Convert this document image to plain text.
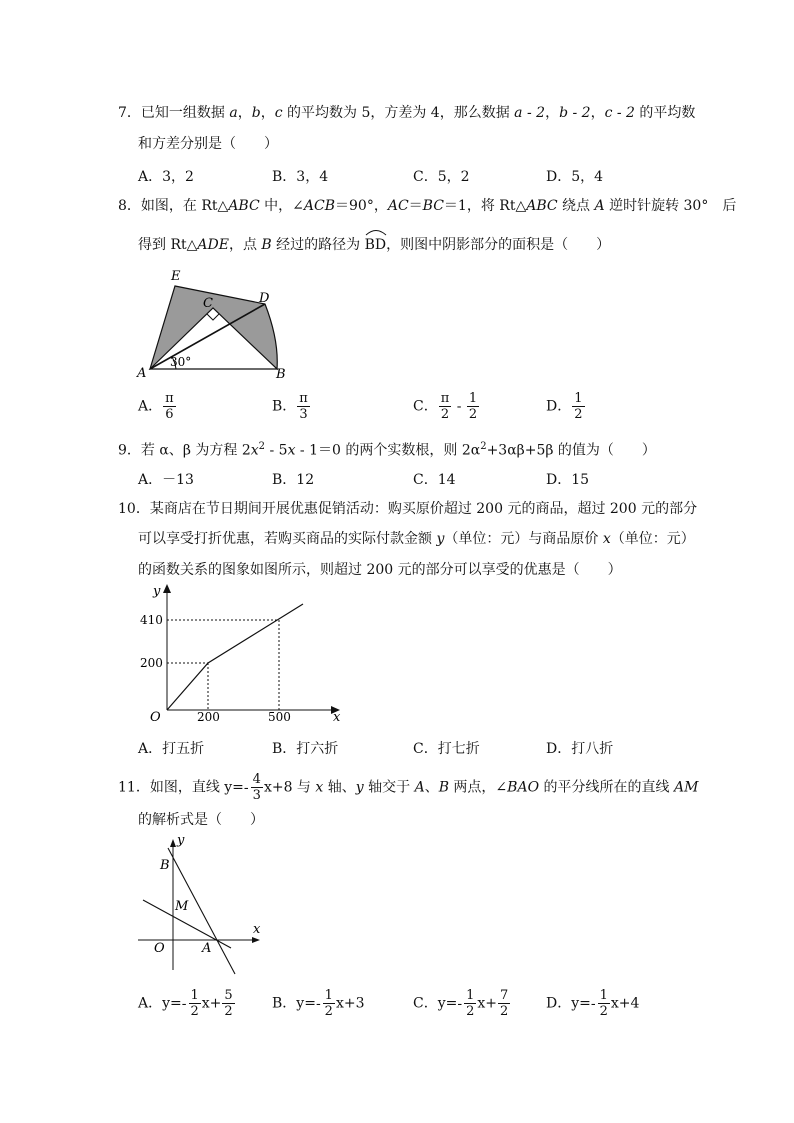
7．已知一组数据 a，b，c 的平均数为 5，方差为 4，那么数据 a - 2，b - 2，c - 2 的平均数
和方差分别是（　　）
A．3，2	B．3，4	C．5，2	D．5，4
8．如图，在 Rt△ABC 中，∠ACB＝90°，AC＝BC＝1，将 Rt△ABC 绕点 A 逆时针旋转 30°　后
得到 Rt△ADE，点 B 经过的路径为
BD，则图中阴影部分的面积是（　　）
E
C	D
A	B
30°
A． $\frac{\pi}{6}$	B． $\frac{\pi}{3}$	C． $\frac{\pi}{2} - \frac{1}{2}$	D． $\frac{1}{2}$
9．若 α、β 为方程 $2x^2 - 5x - 1=0$ 的两个实数根，则 $2\alpha^2+3\alpha\beta+5\beta$ 的值为（　　）
A．－13	B．12	C．14	D．15
10．某商店在节日期间开展优惠促销活动：购买原价超过 200 元的商品，超过 200 元的部分
可以享受打折优惠，若购买商品的实际付款金额 y（单位：元）与商品原价 x（单位：元）
的函数关系的图象如图所示，则超过 200 元的部分可以享受的优惠是（　　）
y
x
O
410
200
200	500
A．打五折	B．打六折	C．打七折	D．打八折
11．如图，直线 $y=- \frac{4}{3} x+8$ 与 x 轴、y 轴交于 A、B 两点，∠BAO 的平分线所在的直线 AM
的解析式是（　　）
y
x
B
M
O	A
A．$y=- \frac{1}{2} x+ \frac{5}{2}$	B．$y=- \frac{1}{2} x+3$	C．$y=- \frac{1}{2} x+ \frac{7}{2}$	D．$y=- \frac{1}{2} x+4$
